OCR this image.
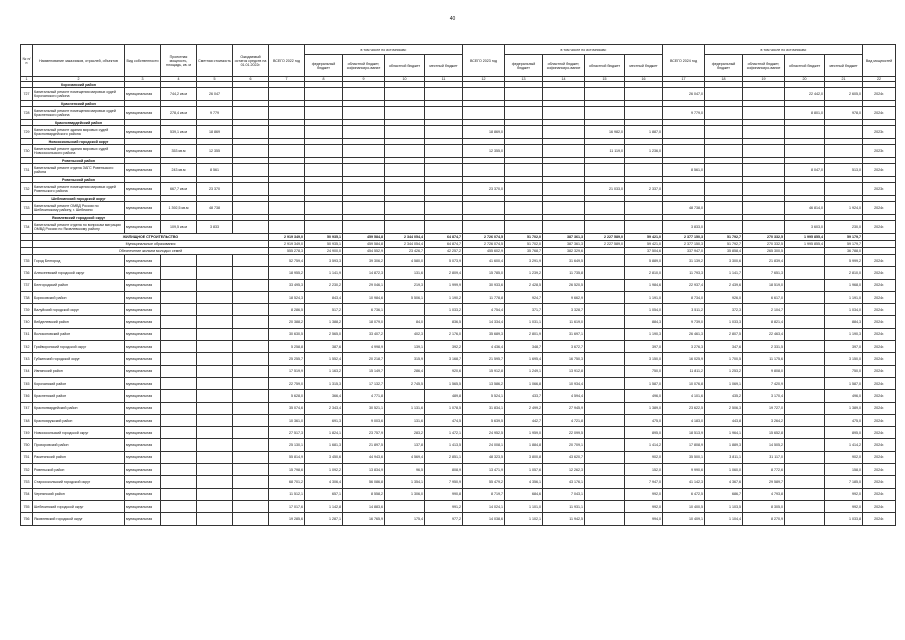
40
№ п/п	Наименование заказчиков, отраслей, объектов	Вид собственности	Проектная мощность, площадь, кв. м	Сметная стоимость	Ожидаемый остаток средств на 01.01.2022г.	ВСЕГО 2022 год	в том числе по источникам:				ВСЕГО 2023 год	в том числе по источникам:				ВСЕГО 2024 год	в том числе по источникам:				Вид мощностей
							федеральный бюджет	областной бюджет, софинансиро-вание	областной бюджет	местный бюджет		федеральный бюджет	областной бюджет, софинансиро-вание	областной бюджет	местный бюджет		федеральный бюджет	областной бюджет, софинансиро-вание	областной бюджет	местный бюджет	
1	2	3	4	5	6	7	8	9	10	11	12	13	14	15	16	17	18	19	20	21	22
	Корочанский район																				
727	Капитальный ремонт помещения мировых судей Корочанского района	муниципальная	744,2 кв.м	26 047												26 047,0			22 442,0	2 605,0	2024г.
	Красненский район																				
728	Капитальный ремонт помещения мировых судей Красненского района	муниципальная	278,4 кв.м	9 779												9 779,0			8 801,0	978,0	2024г.
	Красногвардейский район																				
729	Капитальный ремонт здания мировых судей Красногвардейского района	муниципальная	539,1 кв.м	18 869							18 869,0			16 982,0	1 887,0						2023г.
	Новооскольский городской округ																				
730	Капитальный ремонт здания мировых судей Новооскольского района	муниципальная	353 кв.м	12 355							12 355,0			11 119,0	1 236,0						2023г.
	Ровеньской район																				
731	Капитальный ремонт отдела ЗАГС Ровеньского района	муниципальная	243 кв.м	8 561												8 561,0			8 047,0	513,0	2024г.
	Ровеньской район																				
732	Капитальный ремонт помещения мировых судей Ровеньского района	муниципальная	667,7 кв.м	23 370							23 370,0			21 033,0	2 337,0						2023г.
	Шебекинский городской округ																				
733	Капитальный ремонт ОМВД России по Шебекинскому району, г. Шебекино	муниципальная	1 392,5 кв.м	48 738												48 738,0			46 814,0	1 924,0	2024г.
	Яковлевский городской округ																				
734	Капитальный ремонт отдела по вопросам миграции ОМВД России по Яковлевскому району	муниципальная	109,5 кв.м	3 833												3 833,0			3 603,0	230,0	2024г.
	ЖИЛИЩНОЕ СТРОИТЕЛЬСТВО					2 919 349,0	50 935,1	459 584,8	2 344 054,4	64 874,7	2 726 074,5	51 702,0	387 361,3	2 227 589,0	59 421,0	2 377 150,3	51 792,7	270 332,5	1 995 855,4	59 179,7	
	Муниципальные образования					2 919 349,0	50 935,1	459 584,8	2 344 054,4	64 874,7	2 726 074,5	51 702,0	387 361,3	2 227 589,0	59 421,0	2 377 150,3	51 792,7	270 332,5	1 995 855,4	59 179,7	
	Обеспечение жильем молодых семей					555 278,3	24 900,0	454 552,9	23 426,7	42 257,2	455 602,9	35 768,7	382 329,6		37 504,6	337 947,0	35 858,4	265 300,5		36 788,0	
735	Город Белгород	муниципальная				52 759,4	3 593,3	39 306,2	4 580,0	5 073,9	41 600,4	3 291,9	31 649,5		5 889,0	31 139,2	3 300,6	21 839,4		5 999,2	2024г.
736	Алексеевский городской округ	муниципальная				18 955,2	1 141,9	14 872,3	131,6	2 809,4	15 785,0	1 239,2	11 735,8		2 810,0	11 793,3	1 141,7	7 651,3		2 810,0	2024г.
737	Белгородский район	муниципальная				33 495,3	2 230,2	29 046,1	219,3	1 999,9	30 933,6	2 428,5	26 520,5		1 984,6	22 937,4	2 439,6	18 519,0		1 968,0	2024г.
738	Борисовский район	муниципальная				18 524,3	843,4	10 984,6	5 506,1	1 190,2	11 778,8	924,7	9 662,9		1 191,0	8 734,0	926,0	6 617,0		1 191,0	2024г.
739	Валуйский городской округ	муниципальная				8 286,5	517,2	6 736,1		1 033,2	4 754,4	371,7	3 328,7		1 054,0	3 511,2	372,3	2 104,7		1 034,0	2024г.
740	Вейделевский район	муниципальная				20 388,2	1 388,2	18 079,0	84,0	836,5	14 334,4	1 031,1	11 619,0		884,3	9 739,0	1 033,3	8 821,4		884,3	2024г.
741	Волоконовский район	муниципальная				30 630,5	2 565,0	33 407,2	402,3	2 176,0	35 689,3	2 801,9	31 697,1		1 190,3	26 461,3	2 807,5	22 463,4		1 190,3	2024г.
742	Грайворонский городской округ	муниципальная				5 258,8	387,6	4 998,9	139,1	392,2	4 436,4	348,7	3 672,7		397,0	3 276,3	347,6	2 331,5		397,0	2024г.
743	Губкинский городской округ	муниципальная				25 255,7	1 552,4	20 218,7	315,9	3 168,7	21 595,7	1 695,4	16 750,3		3 150,0	16 025,9	1 700,5	11 175,6		3 150,0	2024г.
744	Ивнянский район	муниципальная				17 519,9	1 163,2	15 149,7	286,4	920,6	15 912,8	1 249,1	13 912,8		750,0	11 811,2	1 253,2	9 808,0		750,0	2024г.
745	Корочанский район	муниципальная				22 759,0	1 315,3	17 132,7	2 745,5	1 565,5	13 586,2	1 066,8	10 934,4		1 587,0	10 076,8	1 069,1	7 420,9		1 587,0	2024г.
746	Красненский район	муниципальная				5 628,0	366,4	4 771,8		489,8	5 524,1	433,7	4 594,4		496,0	4 101,6	435,2	3 170,4		496,0	2024г.
747	Красногвардейский район	муниципальная				35 074,6	2 343,4	30 521,1	1 131,6	1 078,5	31 834,1	2 499,2	27 945,9		1 389,0	23 622,5	2 506,3	19 727,0		1 389,0	2024г.
748	Краснояружский район	муниципальная				10 361,0	691,3	9 003,6	131,6	474,5	5 639,5	442,7	4 721,8		475,0	4 183,0	443,8	3 264,2		475,0	2024г.
749	Новооскольский городской округ	муниципальная				27 517,3	1 824,1	23 757,9	283,2	1 472,1	24 952,5	1 959,0	22 099,5		895,0	18 513,9	1 964,1	15 652,8		895,0	2024г.
750	Прохоровский район	муниципальная				25 130,1	1 681,3	21 897,5	137,8	1 413,5	24 008,1	1 884,8	20 709,1		1 414,2	17 808,9	1 889,3	14 505,2		1 414,2	2024г.
751	Ракитянский район	муниципальная				55 814,9	3 450,6	44 943,6	4 569,4	2 851,1	48 323,5	3 800,8	43 620,7		902,0	35 500,1	3 811,1	31 117,0		902,0	2024г.
752	Ровеньской район	муниципальная				15 798,6	1 092,2	13 834,9	96,5	808,9	13 471,9	1 057,6	12 262,3		152,0	9 990,6	1 060,0	8 772,6		158,0	2024г.
753	Старооскольский городской округ	муниципальная				68 701,2	4 306,4	56 086,8	1 354,1	7 950,9	55 479,2	4 356,1	43 176,1		7 947,0	41 142,3	4 367,6	29 589,7		7 185,0	2024г.
754	Чернянский район	муниципальная				11 512,1	657,1	8 558,2	1 306,0	990,8	8 719,7	684,6	7 043,1		992,0	6 472,5	686,7	4 793,8		992,0	2024г.
755	Шебекинский городской округ	муниципальная				17 017,6	1 142,8	14 883,6		991,2	14 024,1	1 101,0	11 931,1		992,0	10 400,5	1 103,5	8 305,0		992,0	2024г.
756	Яковлевский городской округ	муниципальная				19 285,6	1 287,1	16 765,9	175,4	977,2	14 038,6	1 102,1	11 942,5		994,0	10 409,1	1 104,4	8 270,9		1 033,8	2024г.
